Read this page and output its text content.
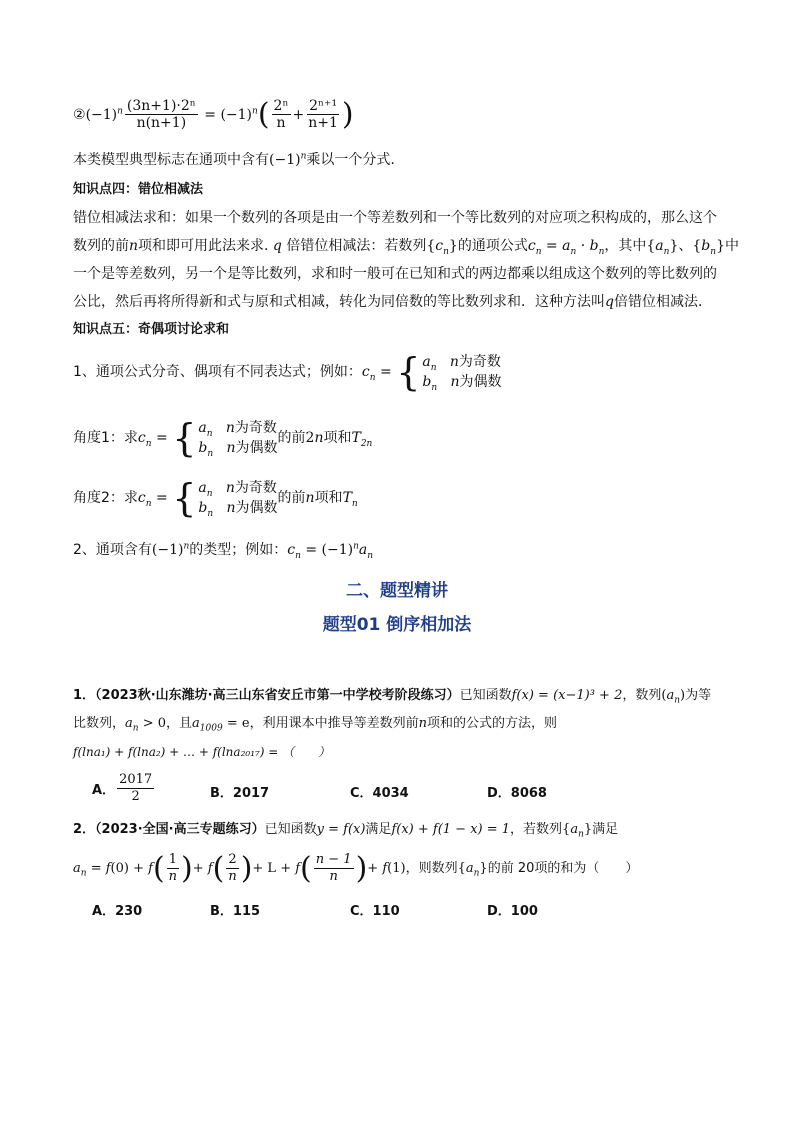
② $(-1)^n \frac{\text{(3n+1)·2ⁿ}}{n(n+1)} = (-1)^n$ ( $\frac{\text{2ⁿ}}{n} + \frac{\text{2ⁿ⁺¹}}{n+1}$ )
本类模型典型标志在通项中含有$(-1)^n$乘以一个分式.
知识点四：错位相减法
错位相减法求和：如果一个数列的各项是由一个等差数列和一个等比数列的对应项之积构成的，那么这个
数列的前n项和即可用此法来求. q 倍错位相减法：若数列$\{c_n\}$的通项公式$c_n = a_n \cdot b_n$，其中$\{a_n\}$、$\{b_n\}$中
一个是等差数列，另一个是等比数列，求和时一般可在已知和式的两边都乘以组成这个数列的等比数列的
公比，然后再将所得新和式与原和式相减，转化为同倍数的等比数列求和．这种方法叫q倍错位相减法．
知识点五：奇偶项讨论求和
1、通项公式分奇、偶项有不同表达式；例如： $c_n$ = { $a_n$   n为奇数
$b_n$   n为偶数
角度1：求 $c_n$ = { $a_n$   n为奇数
$b_n$   n为偶数
的前 2n 项和 $T_{2n}$
角度2：求 $c_n$ = { $a_n$   n为奇数
$b_n$   n为偶数
的前 n 项和 $T_n$
2、通项含有$(-1)^n$的类型；例如：$c_n = (-1)^na_n$
二、题型精讲
题型01 倒序相加法
1．（2023秋·山东潍坊·高三山东省安丘市第一中学校考阶段练习）已知函数f(x) = (x−1)³ + 2，数列$(a_n)$为等
比数列，$a_n > 0$，且$a_{1009} = e$，利用课本中推导等差数列前n项和的公式的方法，则
f(lna₁) + f(lna₂) + … + f(lna₂₀₁₇) = （　　）
A． $\frac{2017}{2}$	B．2017	C．4034	D．8068
2．（2023·全国·高三专题练习）已知函数y = f(x)满足f(x) + f(1 − x) = 1，若数列$\{a_n\}$满足
$a_n = f(0) + f$ ( $\frac{1}{n}$ ) + f ( $\frac{2}{n}$ ) + L + f ( $\frac{n - 1}{n}$ ) + f(1) ，则数列 $\{a_n\}$ 的前 20项的和为（　　）
A．230	B．115	C．110	D．100
